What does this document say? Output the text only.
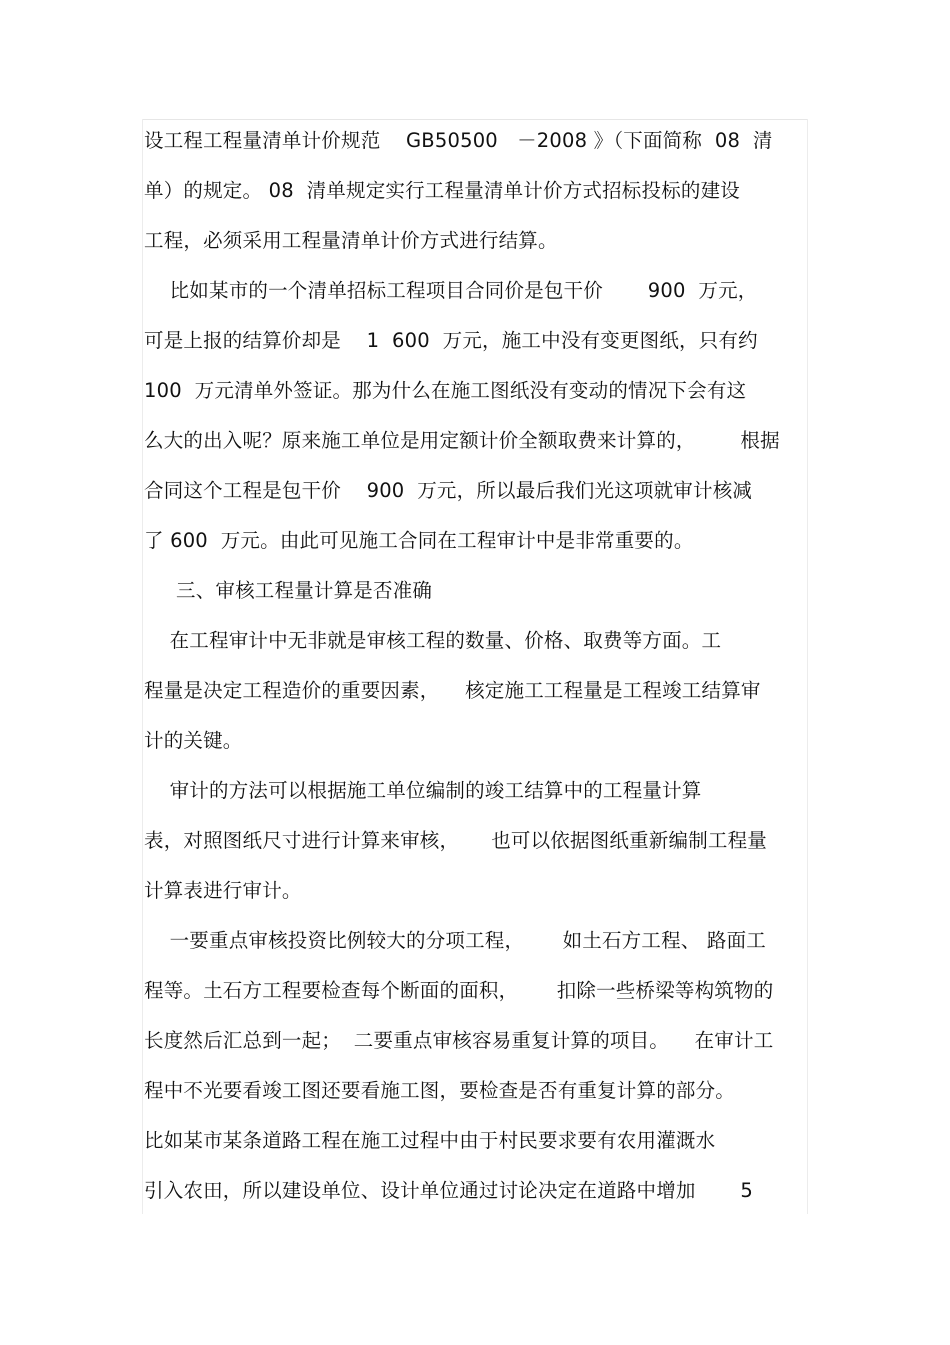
设工程工程量清单计价规范    GB50500   －2008 》（下面简称  08  清
单）的规定。 08  清单规定实行工程量清单计价方式招标投标的建设
工程，必须采用工程量清单计价方式进行结算。
比如某市的一个清单招标工程项目合同价是包干价       900  万元，
可是上报的结算价却是    1  600  万元，施工中没有变更图纸，只有约
100  万元清单外签证。那为什么在施工图纸没有变动的情况下会有这
么大的出入呢？原来施工单位是用定额计价全额取费来计算的，       根据
合同这个工程是包干价    900  万元，所以最后我们光这项就审计核减
了 600  万元。由此可见施工合同在工程审计中是非常重要的。
三、审核工程量计算是否准确
在工程审计中无非就是审核工程的数量、价格、取费等方面。工
程量是决定工程造价的重要因素，    核定施工工程量是工程竣工结算审
计的关键。
审计的方法可以根据施工单位编制的竣工结算中的工程量计算
表，对照图纸尺寸进行计算来审核，     也可以依据图纸重新编制工程量
计算表进行审计。
一要重点审核投资比例较大的分项工程，      如土石方工程、 路面工
程等。土石方工程要检查每个断面的面积，      扣除一些桥梁等构筑物的
长度然后汇总到一起；  二要重点审核容易重复计算的项目。    在审计工
程中不光要看竣工图还要看施工图，要检查是否有重复计算的部分。
比如某市某条道路工程在施工过程中由于村民要求要有农用灌溉水
引入农田，所以建设单位、设计单位通过讨论决定在道路中增加       5
